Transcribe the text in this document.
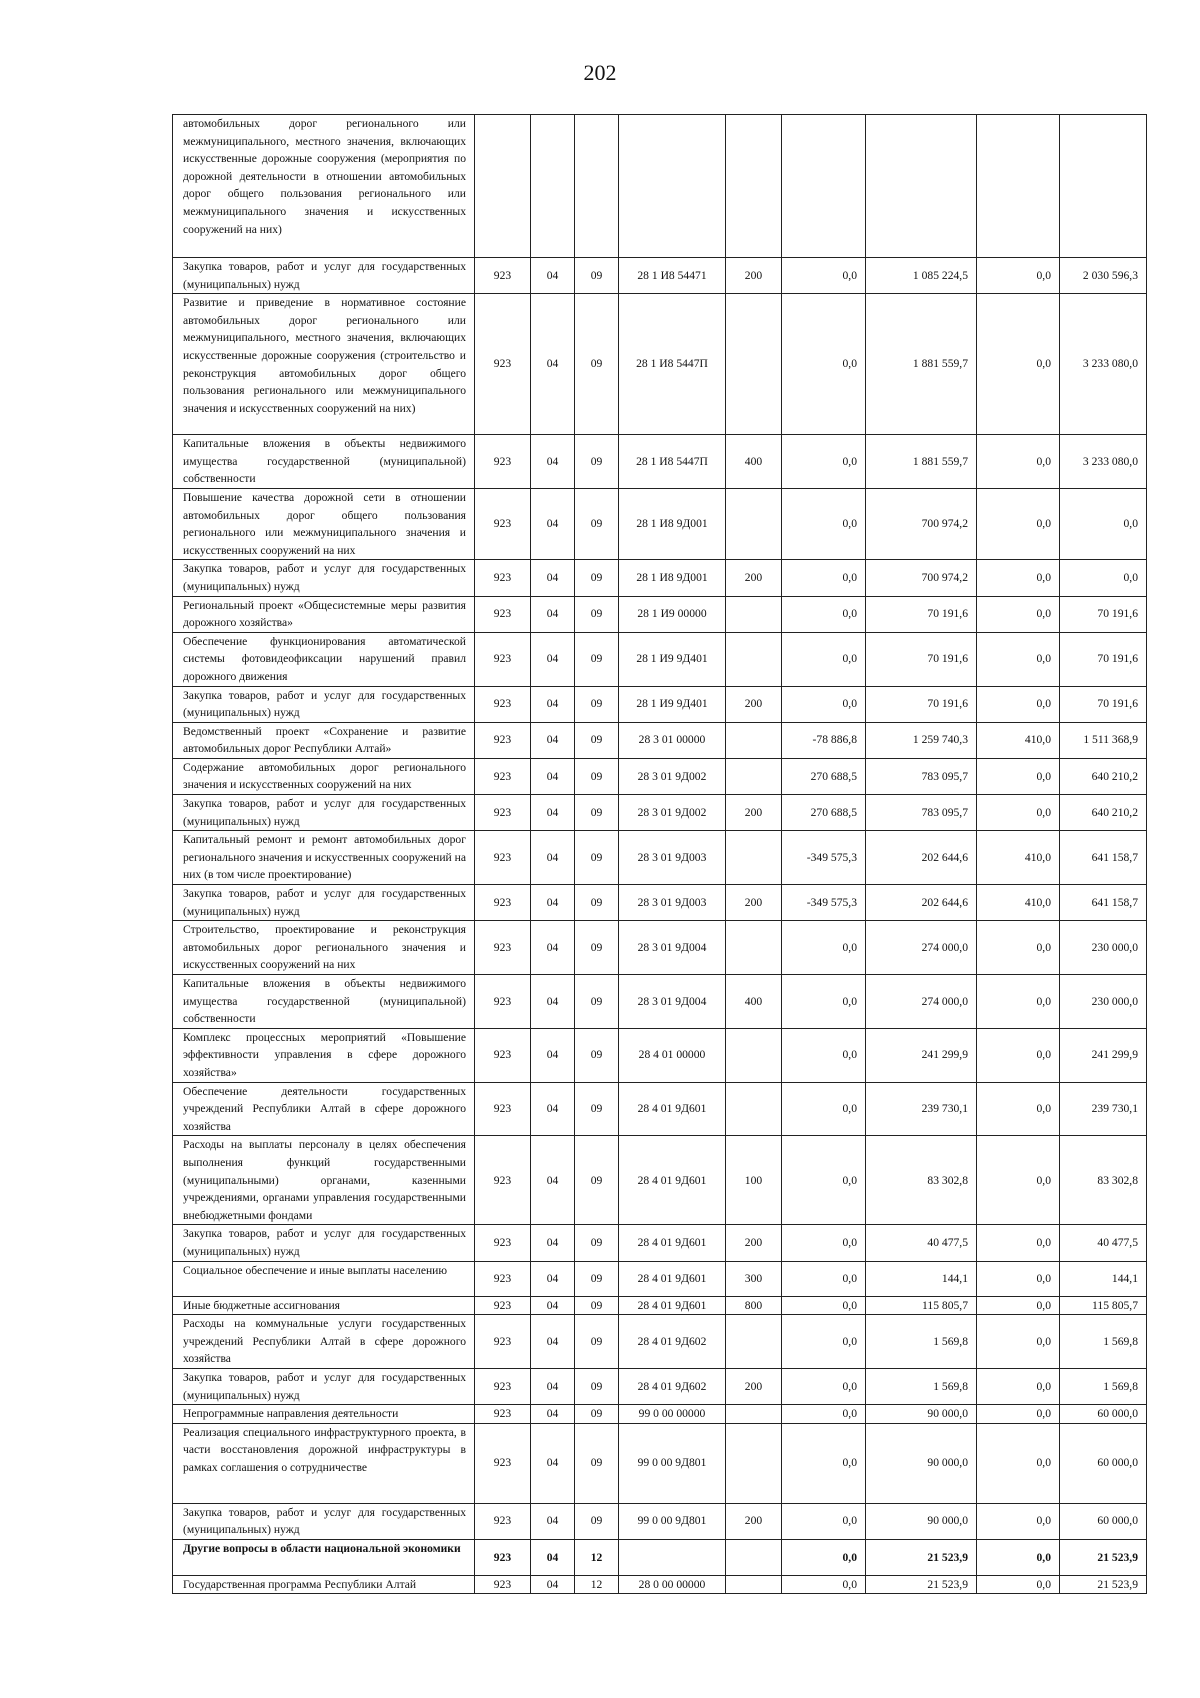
202
автомобильных дорог регионального или межмуниципального, местного значения, включающих искусственные дорожные сооружения (мероприятия по дорожной деятельности в отношении автомобильных дорог общего пользования регионального или межмуниципального значения и искусственных сооружений на них)									
Закупка товаров, работ и услуг для государственных (муниципальных) нужд	923	04	09	28 1 И8 54471	200	0,0	1 085 224,5	0,0	2 030 596,3
Развитие и приведение в нормативное состояние автомобильных дорог регионального или межмуниципального, местного значения, включающих искусственные дорожные сооружения (строительство и реконструкция автомобильных дорог общего пользования регионального или межмуниципального значения и искусственных сооружений на них)	923	04	09	28 1 И8 5447П		0,0	1 881 559,7	0,0	3 233 080,0
Капитальные вложения в объекты недвижимого имущества государственной (муниципальной) собственности	923	04	09	28 1 И8 5447П	400	0,0	1 881 559,7	0,0	3 233 080,0
Повышение качества дорожной сети в отношении автомобильных дорог общего пользования регионального или межмуниципального значения и искусственных сооружений на них	923	04	09	28 1 И8 9Д001		0,0	700 974,2	0,0	0,0
Закупка товаров, работ и услуг для государственных (муниципальных) нужд	923	04	09	28 1 И8 9Д001	200	0,0	700 974,2	0,0	0,0
Региональный проект «Общесистемные меры развития дорожного хозяйства»	923	04	09	28 1 И9 00000		0,0	70 191,6	0,0	70 191,6
Обеспечение функционирования автоматической системы фотовидеофиксации нарушений правил дорожного движения	923	04	09	28 1 И9 9Д401		0,0	70 191,6	0,0	70 191,6
Закупка товаров, работ и услуг для государственных (муниципальных) нужд	923	04	09	28 1 И9 9Д401	200	0,0	70 191,6	0,0	70 191,6
Ведомственный проект «Сохранение и развитие автомобильных дорог Республики Алтай»	923	04	09	28 3 01 00000		-78 886,8	1 259 740,3	410,0	1 511 368,9
Содержание автомобильных дорог регионального значения и искусственных сооружений на них	923	04	09	28 3 01 9Д002		270 688,5	783 095,7	0,0	640 210,2
Закупка товаров, работ и услуг для государственных (муниципальных) нужд	923	04	09	28 3 01 9Д002	200	270 688,5	783 095,7	0,0	640 210,2
Капитальный ремонт и ремонт автомобильных дорог регионального значения и искусственных сооружений на них (в том числе проектирование)	923	04	09	28 3 01 9Д003		-349 575,3	202 644,6	410,0	641 158,7
Закупка товаров, работ и услуг для государственных (муниципальных) нужд	923	04	09	28 3 01 9Д003	200	-349 575,3	202 644,6	410,0	641 158,7
Строительство, проектирование и реконструкция автомобильных дорог регионального значения и искусственных сооружений на них	923	04	09	28 3 01 9Д004		0,0	274 000,0	0,0	230 000,0
Капитальные вложения в объекты недвижимого имущества государственной (муниципальной) собственности	923	04	09	28 3 01 9Д004	400	0,0	274 000,0	0,0	230 000,0
Комплекс процессных мероприятий «Повышение эффективности управления в сфере дорожного хозяйства»	923	04	09	28 4 01 00000		0,0	241 299,9	0,0	241 299,9
Обеспечение деятельности государственных учреждений Республики Алтай в сфере дорожного хозяйства	923	04	09	28 4 01 9Д601		0,0	239 730,1	0,0	239 730,1
Расходы на выплаты персоналу в целях обеспечения выполнения функций государственными (муниципальными) органами, казенными учреждениями, органами управления государственными внебюджетными фондами	923	04	09	28 4 01 9Д601	100	0,0	83 302,8	0,0	83 302,8
Закупка товаров, работ и услуг для государственных (муниципальных) нужд	923	04	09	28 4 01 9Д601	200	0,0	40 477,5	0,0	40 477,5
Социальное обеспечение и иные выплаты населению	923	04	09	28 4 01 9Д601	300	0,0	144,1	0,0	144,1
Иные бюджетные ассигнования	923	04	09	28 4 01 9Д601	800	0,0	115 805,7	0,0	115 805,7
Расходы на коммунальные услуги государственных учреждений Республики Алтай в сфере дорожного хозяйства	923	04	09	28 4 01 9Д602		0,0	1 569,8	0,0	1 569,8
Закупка товаров, работ и услуг для государственных (муниципальных) нужд	923	04	09	28 4 01 9Д602	200	0,0	1 569,8	0,0	1 569,8
Непрограммные направления деятельности	923	04	09	99 0 00 00000		0,0	90 000,0	0,0	60 000,0
Реализация специального инфраструктурного проекта, в части восстановления дорожной инфраструктуры в рамках соглашения о сотрудничестве	923	04	09	99 0 00 9Д801		0,0	90 000,0	0,0	60 000,0
Закупка товаров, работ и услуг для государственных (муниципальных) нужд	923	04	09	99 0 00 9Д801	200	0,0	90 000,0	0,0	60 000,0
Другие вопросы в области национальной экономики	923	04	12			0,0	21 523,9	0,0	21 523,9
Государственная программа Республики Алтай	923	04	12	28 0 00 00000		0,0	21 523,9	0,0	21 523,9
